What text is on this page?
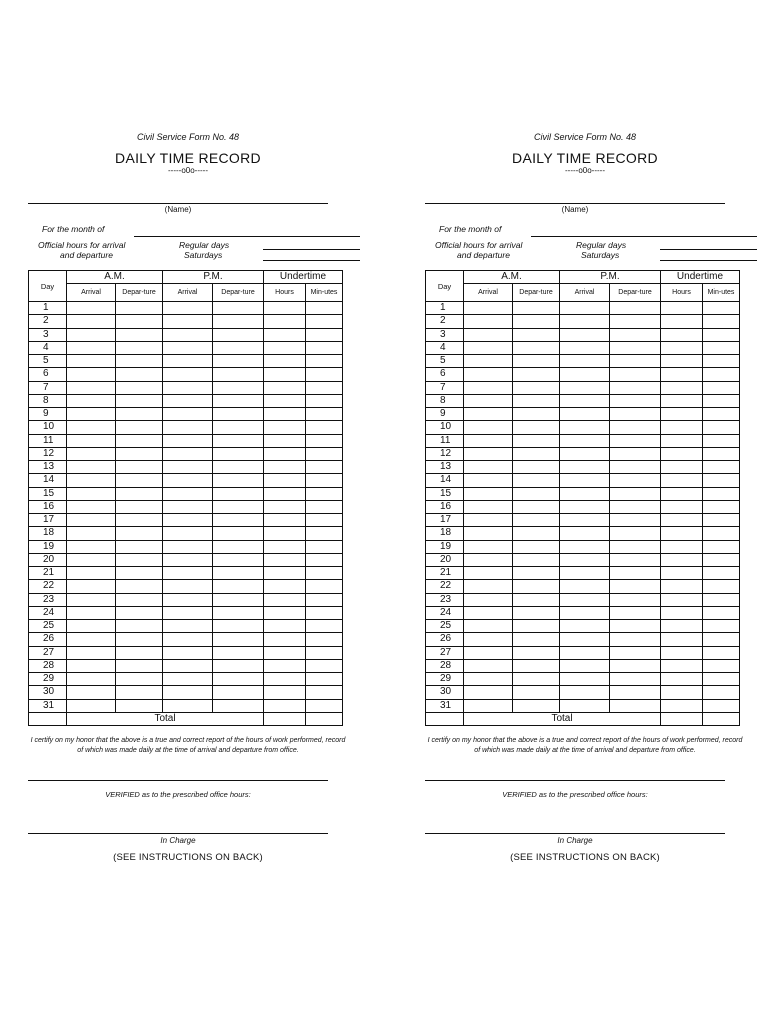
Civil Service Form No. 48
DAILY TIME RECORD
-----o0o-----
(Name)
For the month of
Official hours for arrival
and departure
Regular days
Saturdays
Day	A.M.		P.M.		Undertime	
	Arrival	Depar-ture	Arrival	Depar-ture	Hours	Min-utes
1						
2						
3						
4						
5						
6						
7						
8						
9						
10						
11						
12						
13						
14						
15						
16						
17						
18						
19						
20						
21						
22						
23						
24						
25						
26						
27						
28						
29						
30						
31						
	Total					
I certify on my honor that the above is a true and correct report of the hours of work performed, record of which was made daily at the time of arrival and departure from office.
VERIFIED as to the prescribed office hours:
In Charge
(SEE INSTRUCTIONS ON BACK)
Civil Service Form No. 48
DAILY TIME RECORD
-----o0o-----
(Name)
For the month of
Official hours for arrival
and departure
Regular days
Saturdays
Day	A.M.		P.M.		Undertime	
	Arrival	Depar-ture	Arrival	Depar-ture	Hours	Min-utes
1						
2						
3						
4						
5						
6						
7						
8						
9						
10						
11						
12						
13						
14						
15						
16						
17						
18						
19						
20						
21						
22						
23						
24						
25						
26						
27						
28						
29						
30						
31						
	Total					
I certify on my honor that the above is a true and correct report of the hours of work performed, record of which was made daily at the time of arrival and departure from office.
VERIFIED as to the prescribed office hours:
In Charge
(SEE INSTRUCTIONS ON BACK)
